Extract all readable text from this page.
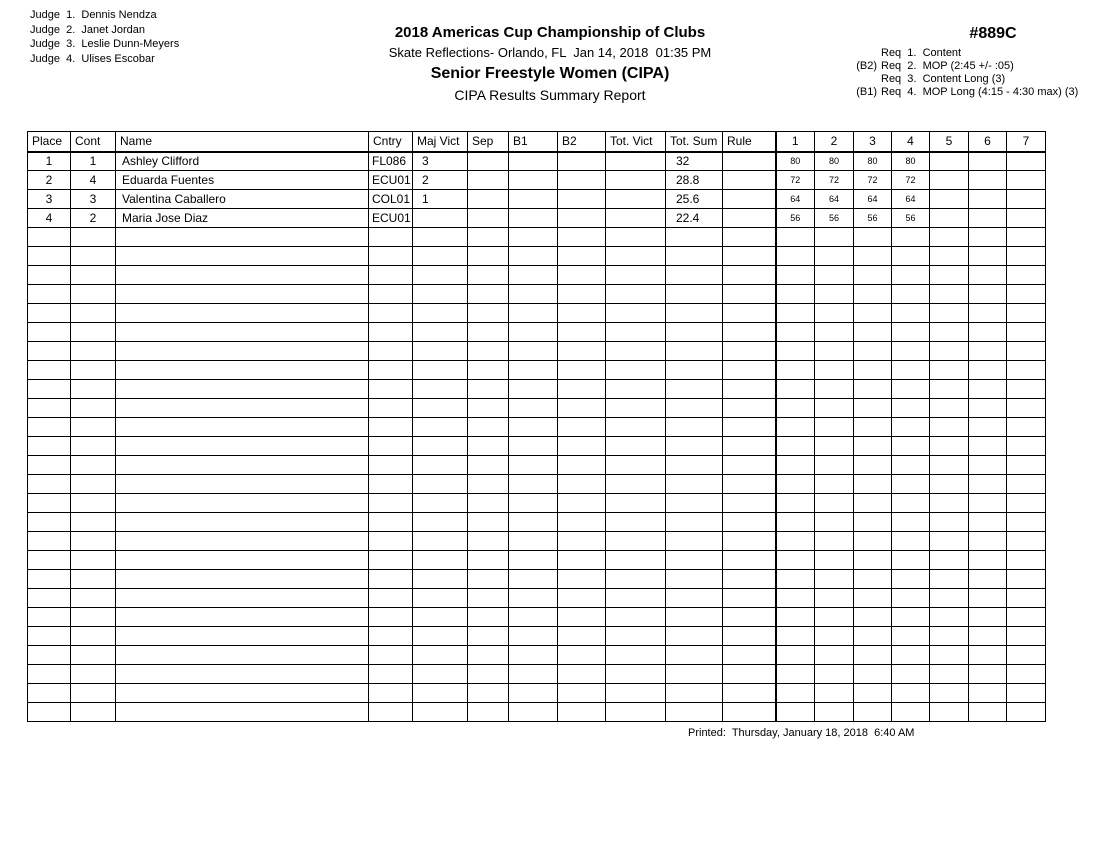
Judge  1.  Dennis Nendza
Judge  2.  Janet Jordan
Judge  3.  Leslie Dunn-Meyers
Judge  4.  Ulises Escobar
2018 Americas Cup Championship of Clubs
Skate Reflections- Orlando, FL  Jan 14, 2018  01:35 PM
Senior Freestyle Women (CIPA)
CIPA Results Summary Report
#889C
Req  1.  Content
(B2) Req  2.  MOP (2:45 +/- :05)
Req  3.  Content Long (3)
(B1) Req  4.  MOP Long (4:15 - 4:30 max) (3)
Place	Cont	Name	Cntry	Maj Vict	Sep	B1	B2	Tot. Vict	Tot. Sum	Rule	1	2	3	4	5	6	7
1	1	Ashley Clifford	FL086	3					32		80	80	80	80			
2	4	Eduarda Fuentes	ECU01	2					28.8		72	72	72	72			
3	3	Valentina Caballero	COL01	1					25.6		64	64	64	64			
4	2	Maria Jose Diaz	ECU01						22.4		56	56	56	56			

Printed:  Thursday, January 18, 2018  6:40 AM
